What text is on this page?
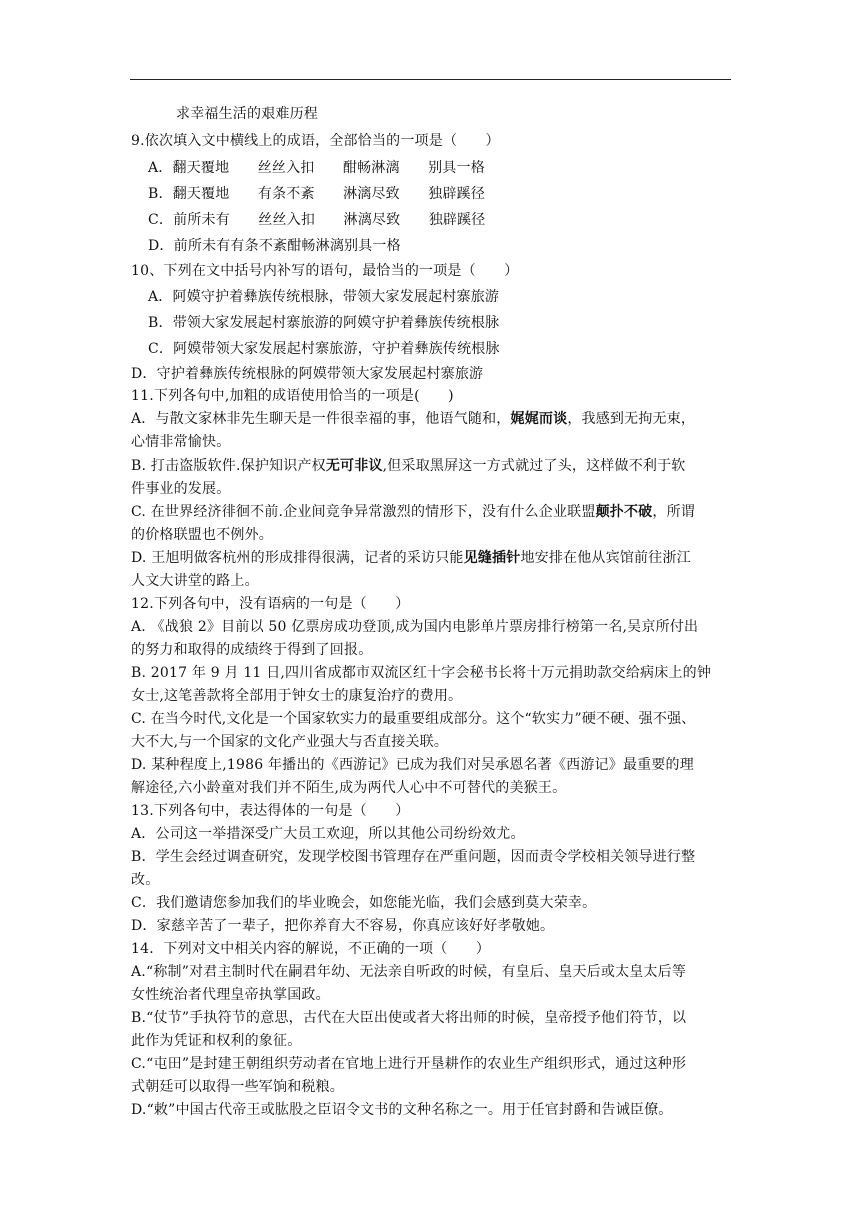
求幸福生活的艰难历程
9.依次填入文中横线上的成语，全部恰当的一项是（　　）
A．翻天覆地　　丝丝入扣　　酣畅淋漓　　别具一格
B．翻天覆地　　有条不紊　　淋漓尽致　　独辟蹊径
C．前所未有　　丝丝入扣　　淋漓尽致　　独辟蹊径
D．前所未有有条不紊酣畅淋漓别具一格
10、下列在文中括号内补写的语句，最恰当的一项是（　　）
A．阿嫫守护着彝族传统根脉，带领大家发展起村寨旅游
B．带领大家发展起村寨旅游的阿嫫守护着彝族传统根脉
C．阿嫫带领大家发展起村寨旅游，守护着彝族传统根脉
D．守护着彝族传统根脉的阿嫫带领大家发展起村寨旅游
11.下列各句中,加粗的成语使用恰当的一项是(　　)
A．与散文家林非先生聊天是一件很幸福的事，他语气随和，娓娓而谈，我感到无拘无束，
心情非常愉快。
B. 打击盗版软件.保护知识产权无可非议,但采取黑屏这一方式就过了头，这样做不利于软
件事业的发展。
C. 在世界经济徘徊不前.企业间竞争异常激烈的情形下，没有什么企业联盟颠扑不破，所谓
的价格联盟也不例外。
D. 王旭明做客杭州的形成排得很满，记者的采访只能见缝插针地安排在他从宾馆前往浙江
人文大讲堂的路上。
12.下列各句中，没有语病的一句是（　　）
A. 《战狼 2》目前以 50 亿票房成功登顶,成为国内电影单片票房排行榜第一名,吴京所付出
的努力和取得的成绩终于得到了回报。
B. 2017 年 9 月 11 日,四川省成都市双流区红十字会秘书长将十万元捐助款交给病床上的钟
女士,这笔善款将全部用于钟女士的康复治疗的费用。
C. 在当今时代,文化是一个国家软实力的最重要组成部分。这个“软实力”硬不硬、强不强、
大不大,与一个国家的文化产业强大与否直接关联。
D. 某种程度上,1986 年播出的《西游记》已成为我们对吴承恩名著《西游记》最重要的理
解途径,六小龄童对我们并不陌生,成为两代人心中不可替代的美猴王。
13.下列各句中，表达得体的一句是（　　）
A．公司这一举措深受广大员工欢迎，所以其他公司纷纷效尤。
B．学生会经过调查研究，发现学校图书管理存在严重问题，因而责令学校相关领导进行整
改。
C．我们邀请您参加我们的毕业晚会，如您能光临，我们会感到莫大荣幸。
D．家慈辛苦了一辈子，把你养育大不容易，你真应该好好孝敬她。
14．下列对文中相关内容的解说，不正确的一项（　　）
A.“称制”对君主制时代在嗣君年幼、无法亲自听政的时候，有皇后、皇天后或太皇太后等
女性统治者代理皇帝执掌国政。
B.“仗节”手执符节的意思，古代在大臣出使或者大将出师的时候，皇帝授予他们符节，以
此作为凭证和权利的象征。
C.“屯田”是封建王朝组织劳动者在官地上进行开垦耕作的农业生产组织形式，通过这种形
式朝廷可以取得一些军饷和税粮。
D.“敕”中国古代帝王或肱股之臣诏令文书的文种名称之一。用于任官封爵和告诫臣僚。
